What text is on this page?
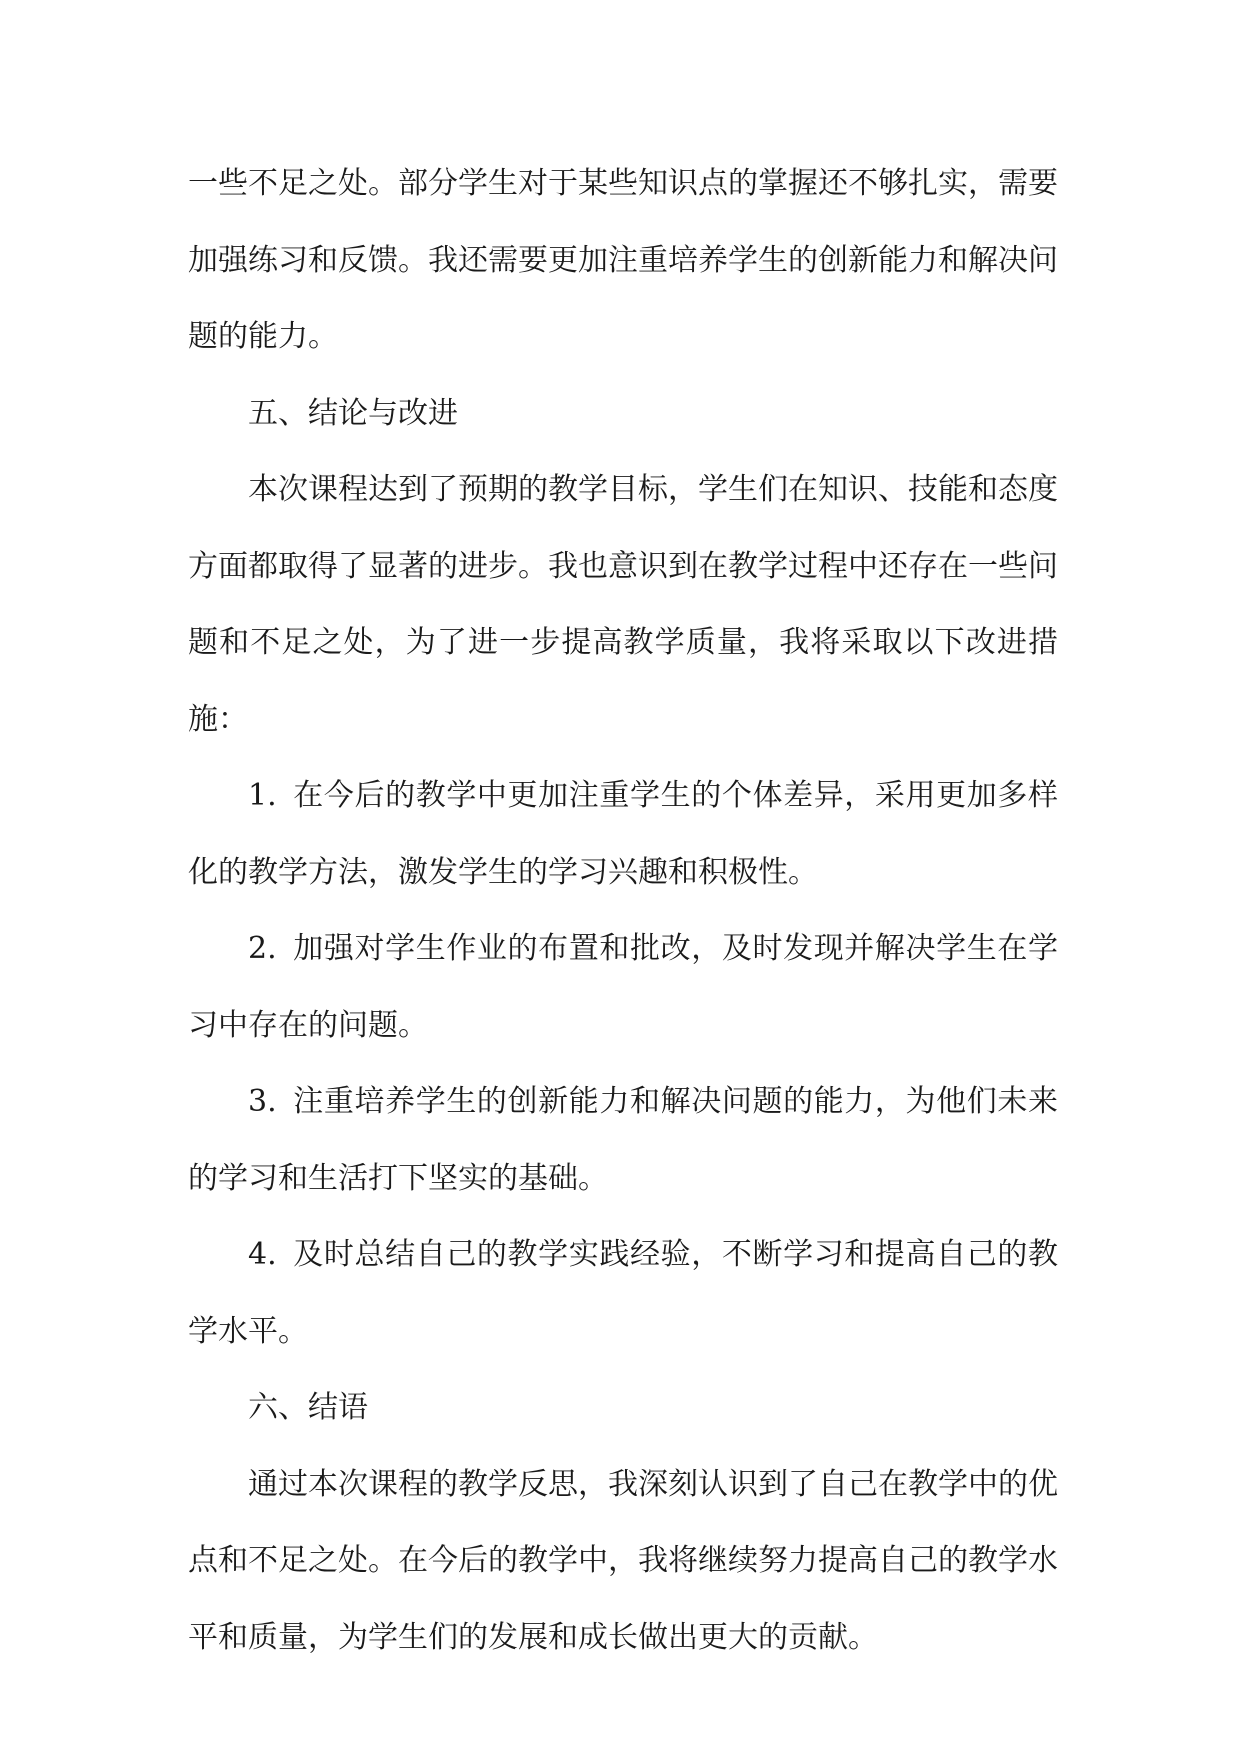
一些不足之处。部分学生对于某些知识点的掌握还不够扎实，需要加强练习和反馈。我还需要更加注重培养学生的创新能力和解决问题的能力。

五、结论与改进

本次课程达到了预期的教学目标，学生们在知识、技能和态度方面都取得了显著的进步。我也意识到在教学过程中还存在一些问题和不足之处，为了进一步提高教学质量，我将采取以下改进措施：

1. 在今后的教学中更加注重学生的个体差异，采用更加多样化的教学方法，激发学生的学习兴趣和积极性。

2. 加强对学生作业的布置和批改，及时发现并解决学生在学习中存在的问题。

3. 注重培养学生的创新能力和解决问题的能力，为他们未来的学习和生活打下坚实的基础。

4. 及时总结自己的教学实践经验，不断学习和提高自己的教学水平。

六、结语

通过本次课程的教学反思，我深刻认识到了自己在教学中的优点和不足之处。在今后的教学中，我将继续努力提高自己的教学水平和质量，为学生们的发展和成长做出更大的贡献。
